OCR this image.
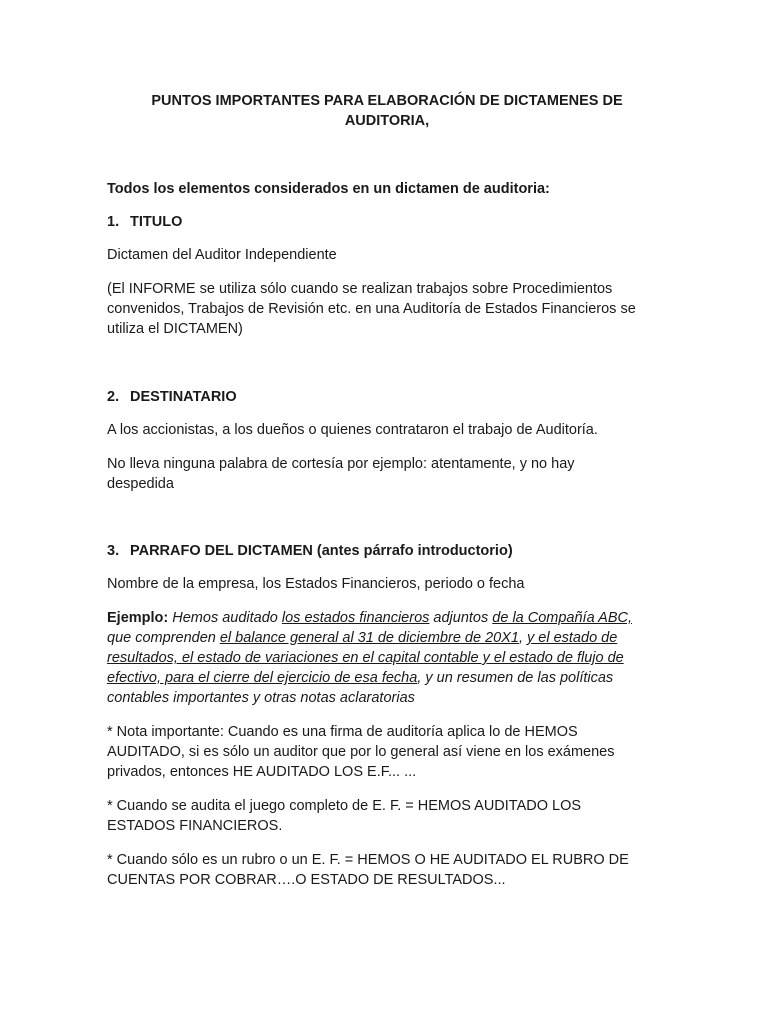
PUNTOS IMPORTANTES PARA ELABORACIÓN DE DICTAMENES DE
AUDITORIA,

Todos los elementos considerados en un dictamen de auditoria:

1. TITULO

Dictamen del Auditor Independiente

(El INFORME se utiliza sólo cuando se realizan trabajos sobre Procedimientos
convenidos, Trabajos de Revisión etc. en una Auditoría de Estados Financieros se
utiliza el DICTAMEN)

2. DESTINATARIO

A los accionistas, a los dueños o quienes contrataron el trabajo de Auditoría.

No lleva ninguna palabra de cortesía por ejemplo: atentamente, y no hay
despedida

3. PARRAFO DEL DICTAMEN (antes párrafo introductorio)

Nombre de la empresa, los Estados Financieros, periodo o fecha

Ejemplo: Hemos auditado los estados financieros adjuntos de la Compañía ABC,
que comprenden el balance general al 31 de diciembre de 20X1, y el estado de
resultados, el estado de variaciones en el capital contable y el estado de flujo de
efectivo, para el cierre del ejercicio de esa fecha, y un resumen de las políticas
contables importantes y otras notas aclaratorias
* Nota importante: Cuando es una firma de auditoría aplica lo de HEMOS
AUDITADO, si es sólo un auditor que por lo general así viene en los exámenes
privados, entonces HE AUDITADO LOS E.F... ...
* Cuando se audita el juego completo de E. F. = HEMOS AUDITADO LOS
ESTADOS FINANCIEROS.
* Cuando sólo es un rubro o un E. F. = HEMOS O HE AUDITADO EL RUBRO DE
CUENTAS POR COBRAR….O ESTADO DE RESULTADOS...
